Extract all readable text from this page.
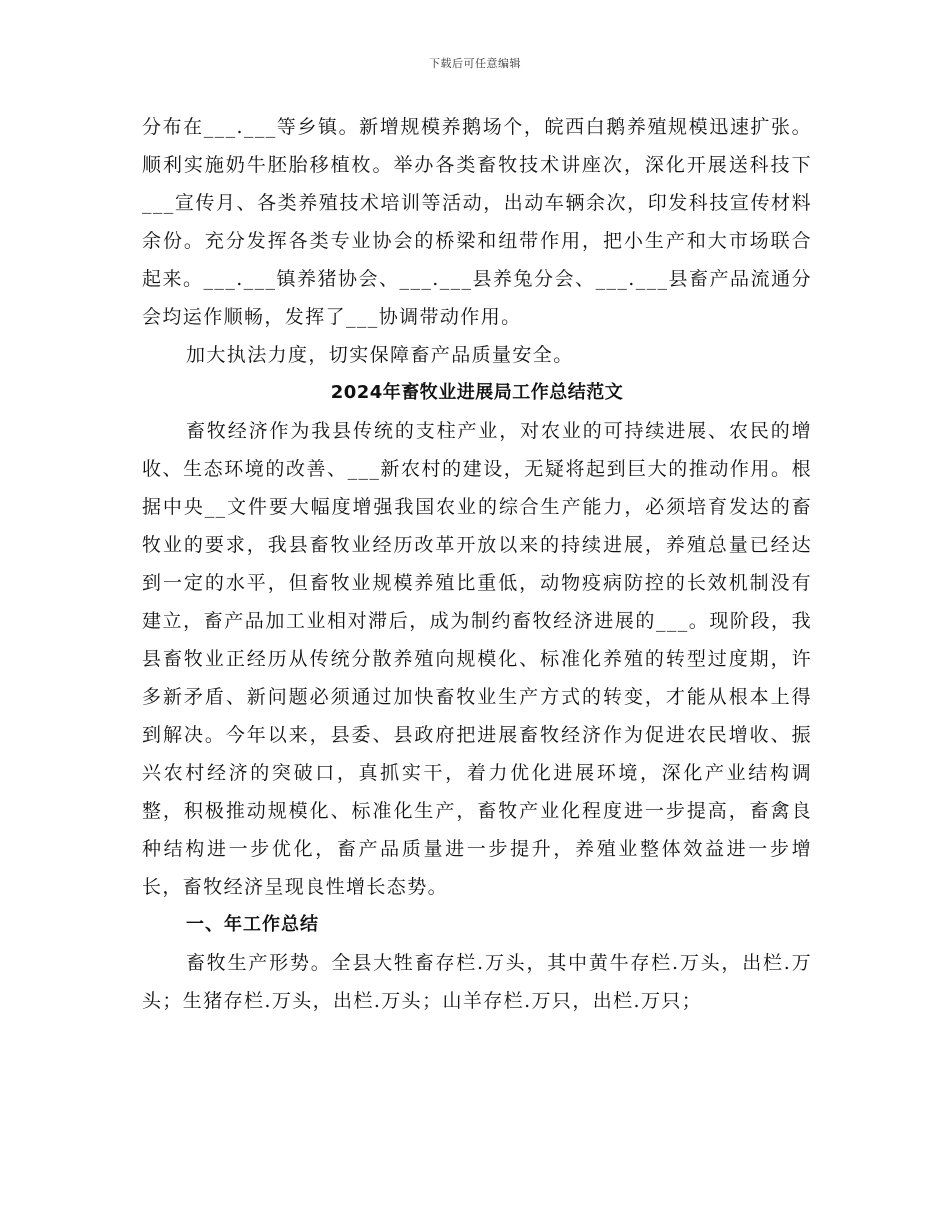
下载后可任意编辑

分布在___.___等乡镇。新增规模养鹅场个，皖西白鹅养殖规模迅速扩张。顺利实施奶牛胚胎移植枚。举办各类畜牧技术讲座次，深化开展送科技下___宣传月、各类养殖技术培训等活动，出动车辆余次，印发科技宣传材料余份。充分发挥各类专业协会的桥梁和纽带作用，把小生产和大市场联合起来。___.___镇养猪协会、___.___县养兔分会、___.___县畜产品流通分会均运作顺畅，发挥了___协调带动作用。

加大执法力度，切实保障畜产品质量安全。

2024年畜牧业进展局工作总结范文

畜牧经济作为我县传统的支柱产业，对农业的可持续进展、农民的增收、生态环境的改善、___新农村的建设，无疑将起到巨大的推动作用。根据中央__文件要大幅度增强我国农业的综合生产能力，必须培育发达的畜牧业的要求，我县畜牧业经历改革开放以来的持续进展，养殖总量已经达到一定的水平，但畜牧业规模养殖比重低，动物疫病防控的长效机制没有建立，畜产品加工业相对滞后，成为制约畜牧经济进展的___。现阶段，我县畜牧业正经历从传统分散养殖向规模化、标准化养殖的转型过度期，许多新矛盾、新问题必须通过加快畜牧业生产方式的转变，才能从根本上得到解决。今年以来，县委、县政府把进展畜牧经济作为促进农民增收、振兴农村经济的突破口，真抓实干，着力优化进展环境，深化产业结构调整，积极推动规模化、标准化生产，畜牧产业化程度进一步提高，畜禽良种结构进一步优化，畜产品质量进一步提升，养殖业整体效益进一步增长，畜牧经济呈现良性增长态势。

一、年工作总结

畜牧生产形势。全县大牲畜存栏.万头，其中黄牛存栏.万头，出栏.万头；生猪存栏.万头，出栏.万头；山羊存栏.万只，出栏.万只；
